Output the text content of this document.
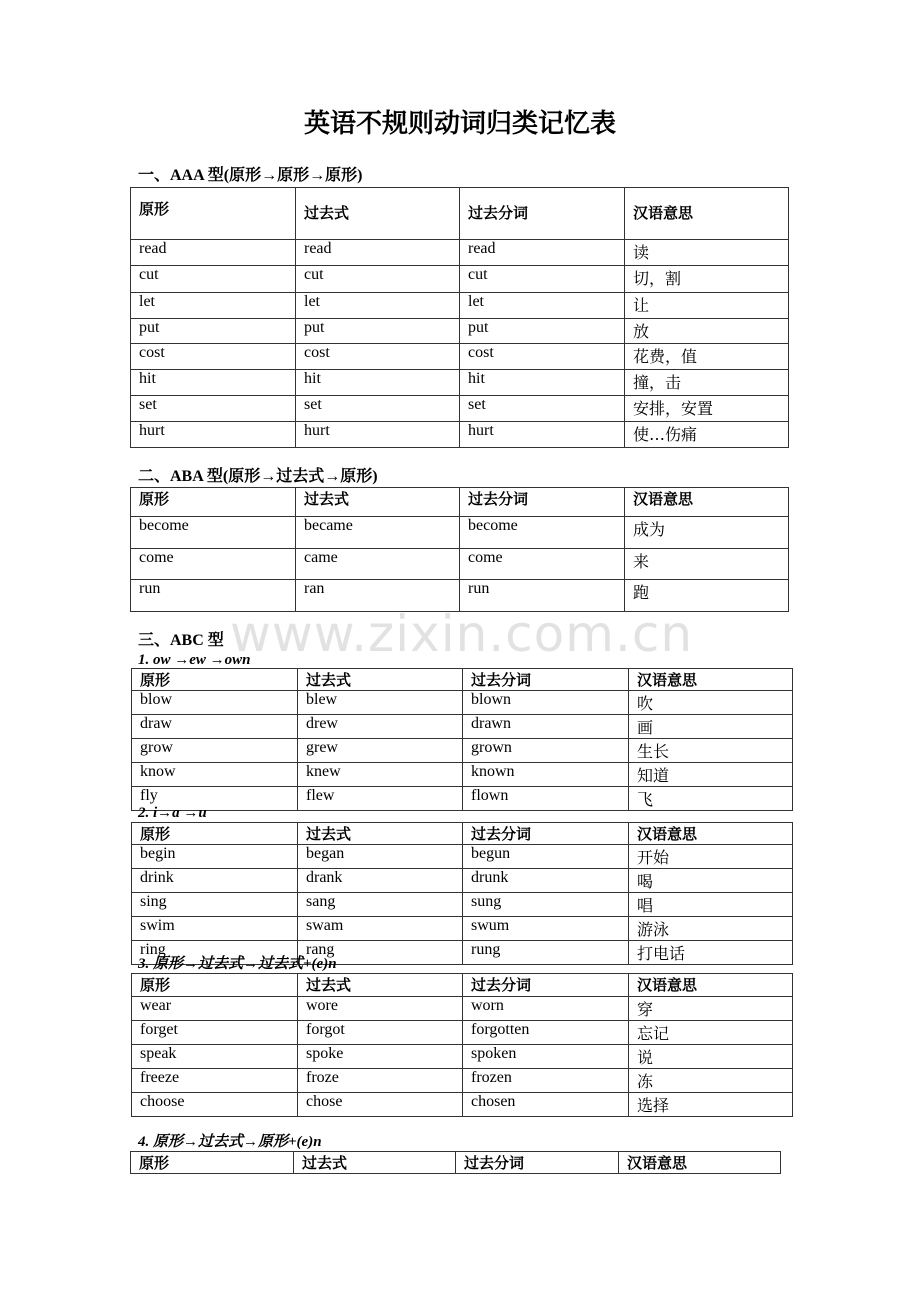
英语不规则动词归类记忆表
www.zixin.com.cn
一、AAA 型(原形→原形→原形)
原形	过去式	过去分词	汉语意思
read	read	read	读
cut	cut	cut	切，割
let	let	let	让
put	put	put	放
cost	cost	cost	花费，值
hit	hit	hit	撞，击
set	set	set	安排，安置
hurt	hurt	hurt	使…伤痛
二、ABA 型(原形→过去式→原形)
原形	过去式	过去分词	汉语意思
become	became	become	成为
come	came	come	来
run	ran	run	跑
三、ABC 型
1. ow →ew →own
原形	过去式	过去分词	汉语意思
blow	blew	blown	吹
draw	drew	drawn	画
grow	grew	grown	生长
know	knew	known	知道
fly	flew	flown	飞
2. i→a →u
原形	过去式	过去分词	汉语意思
begin	began	begun	开始
drink	drank	drunk	喝
sing	sang	sung	唱
swim	swam	swum	游泳
ring	rang	rung	打电话
3. 原形→过去式→过去式+(e)n
原形	过去式	过去分词	汉语意思
wear	wore	worn	穿
forget	forgot	forgotten	忘记
speak	spoke	spoken	说
freeze	froze	frozen	冻
choose	chose	chosen	选择
4. 原形→过去式→原形+(e)n
原形	过去式	过去分词	汉语意思
